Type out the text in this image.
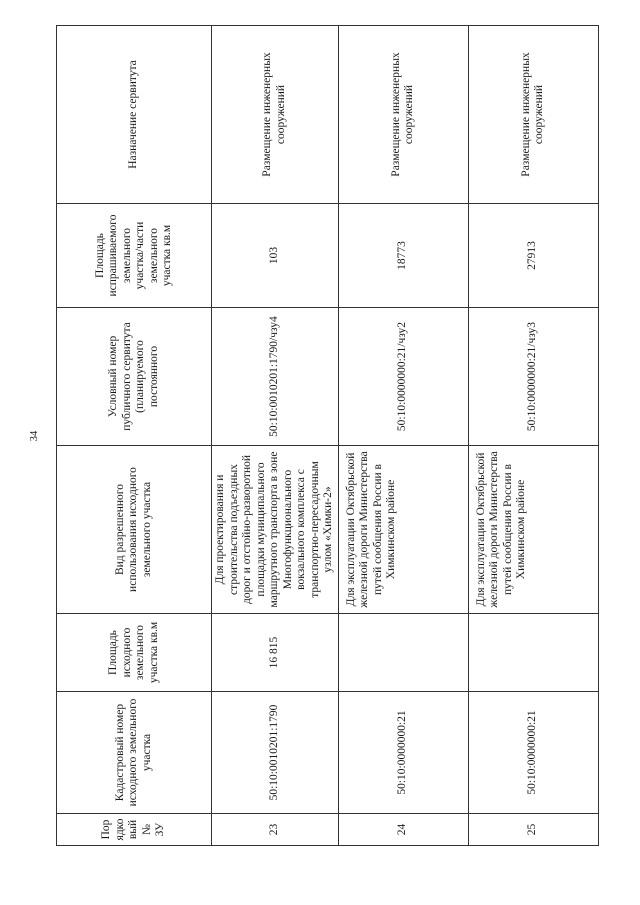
34
Порядковый № ЗУ	Кадастровый номер исходного земельного участка	Площадь исходного земельного участка кв.м	Вид разрешенного использования исходного земельного участка	Условный номер публичного сервитута (планируемого постоянного	Площадь испрашиваемого земельного участка/части земельного участка кв.м	Назначение сервитута
23	50:10:0010201:1790	16 815	Для проектирования и строительства подъездных дорог и отстойно-разворотной площадки муниципального маршрутного транспорта в зоне Многофункционального вокзального комплекса с транспортно-пересадочным узлом «Химки-2»	50:10:0010201:1790/чзу4	103	Размещение инженерных сооружений
24	50:10:0000000:21		Для эксплуатации Октябрьской железной дороги Министерства путей сообщения России в Химкинском районе	50:10:0000000:21/чзу2	18773	Размещение инженерных сооружений
25	50:10:0000000:21		Для эксплуатации Октябрьской железной дороги Министерства путей сообщения России в Химкинском районе	50:10:0000000:21/чзу3	27913	Размещение инженерных сооружений
